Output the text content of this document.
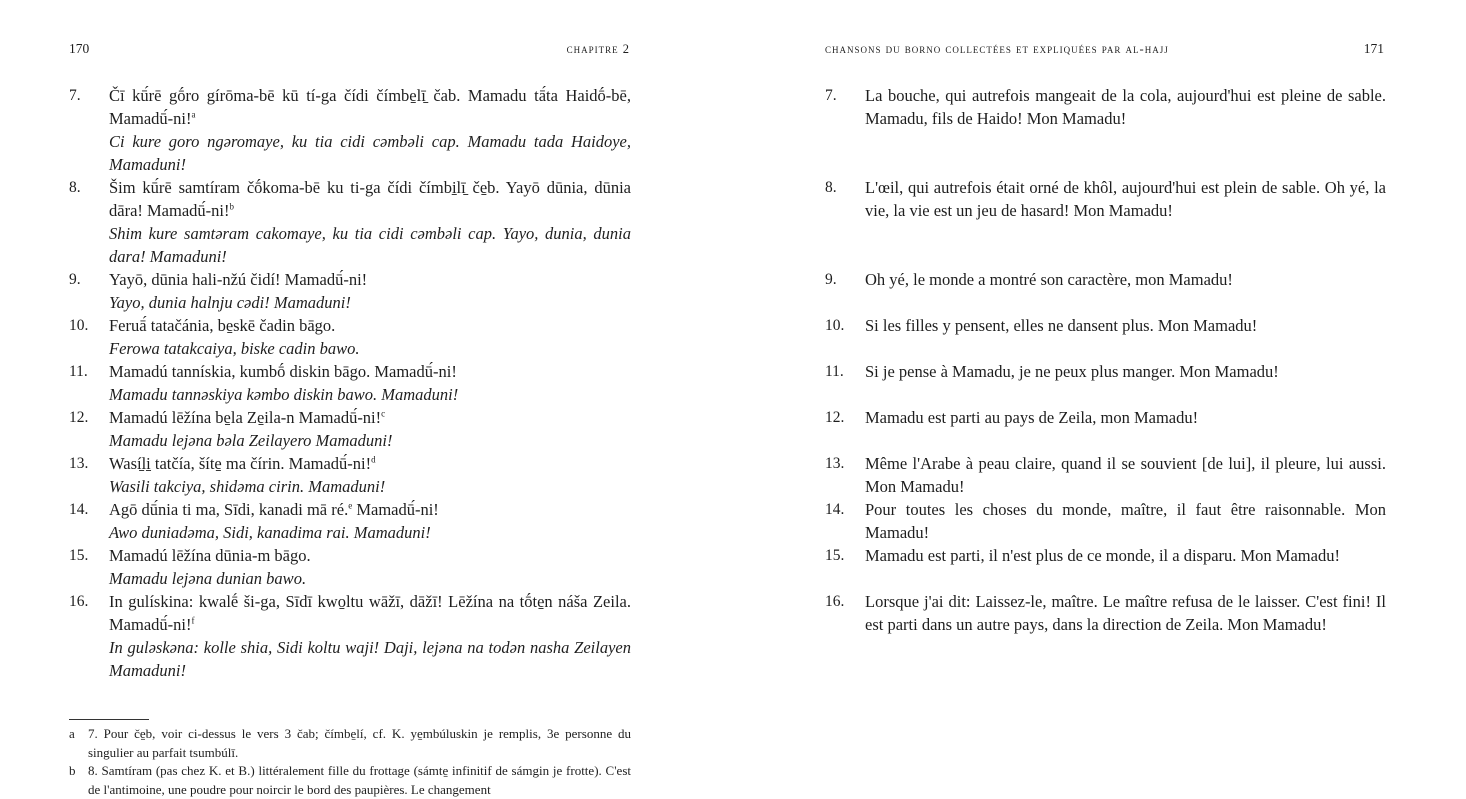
170	chapitre 2
7. Čī kū́rē gṓro gírōma-bē kū tí-ga čídi čímbe̱lī̱ čab. Mamadu tā́ta Haidṓ-bē, Mamadū́-ni!$^a$
Ci kure goro ngəromaye, ku tia cidi cəmbəli cap. Mamadu tada Haidoye, Mamaduni!
8. Šim kū́rē samtíram čṓkoma-bē ku ti-ga čídi čímbi̱lī̱ če̱b. Yayō dūnia, dūnia dāra! Mamadū́-ni!$^b$
Shim kure samtəram cakomaye, ku tia cidi cəmbəli cap. Yayo, dunia, dunia dara! Mamaduni!
9. Yayō, dūnia hali-nžú čidí! Mamadū́-ni!
Yayo, dunia halnju cədi! Mamaduni!
10. Feruā́ tatačánia, be̱skē čadin bāgo.
Ferowa tatakcaiya, biske cadin bawo.
11. Mamadú tannískia, kumbṓ diskin bāgo. Mamadū́-ni!
Mamadu tannəskiya kəmbo diskin bawo. Mamaduni!
12. Mamadú lēžína be̱la Ze̱ila-n Mamadū́-ni!$^c$
Mamadu lejəna bəla Zeilayero Mamaduni!
13. Wasí̱li̱ tatčía, šíte̱ ma čírin. Mamadū́-ni!$^d$
Wasili takciya, shidəma cirin. Mamaduni!
14. Agō dū́nia ti ma, Sīdi, kanadi mā ré.$^e$ Mamadū́-ni!
Awo duniadəma, Sidi, kanadima rai. Mamaduni!
15. Mamadú lēžína dūnia-m bāgo.
Mamadu lejəna dunian bawo.
16. In gulískina: kwalḗ ši-ga, Sīdī kwo̱ltu wāžī, dāžī! Lēžína na tṓte̱n náša Zeila. Mamadū́-ni!$^f$
In guləskəna: kolle shia, Sidi koltu waji! Daji, lejəna na todən nasha Zeilayen Mamaduni!
a 7. Pour če̱b, voir ci-dessus le vers 3 čab; čímbe̱lí, cf. K. ye̱mbúluskin je remplis, 3e personne du singulier au parfait tsumbúlī.
b 8. Samtíram (pas chez K. et B.) littéralement fille du frottage (sámte̱ infinitif de sámgin je frotte). C'est de l'antimoine, une poudre pour noircir le bord des paupières. Le changement
chansons du borno collectées et expliquées par al-hajj	171
7. La bouche, qui autrefois mangeait de la cola, aujourd'hui est pleine de sable. Mamadu, fils de Haido! Mon Mamadu!
8. L'œil, qui autrefois était orné de khôl, aujourd'hui est plein de sable. Oh yé, la vie, la vie est un jeu de hasard! Mon Mamadu!
9. Oh yé, le monde a montré son caractère, mon Mamadu!
10. Si les filles y pensent, elles ne dansent plus. Mon Mamadu!
11. Si je pense à Mamadu, je ne peux plus manger. Mon Mamadu!
12. Mamadu est parti au pays de Zeila, mon Mamadu!
13. Même l'Arabe à peau claire, quand il se souvient [de lui], il pleure, lui aussi. Mon Mamadu!
14. Pour toutes les choses du monde, maître, il faut être raisonnable. Mon Mamadu!
15. Mamadu est parti, il n'est plus de ce monde, il a disparu. Mon Mamadu!
16. Lorsque j'ai dit: Laissez-le, maître. Le maître refusa de le laisser. C'est fini! Il est parti dans un autre pays, dans la direction de Zeila. Mon Mamadu!
